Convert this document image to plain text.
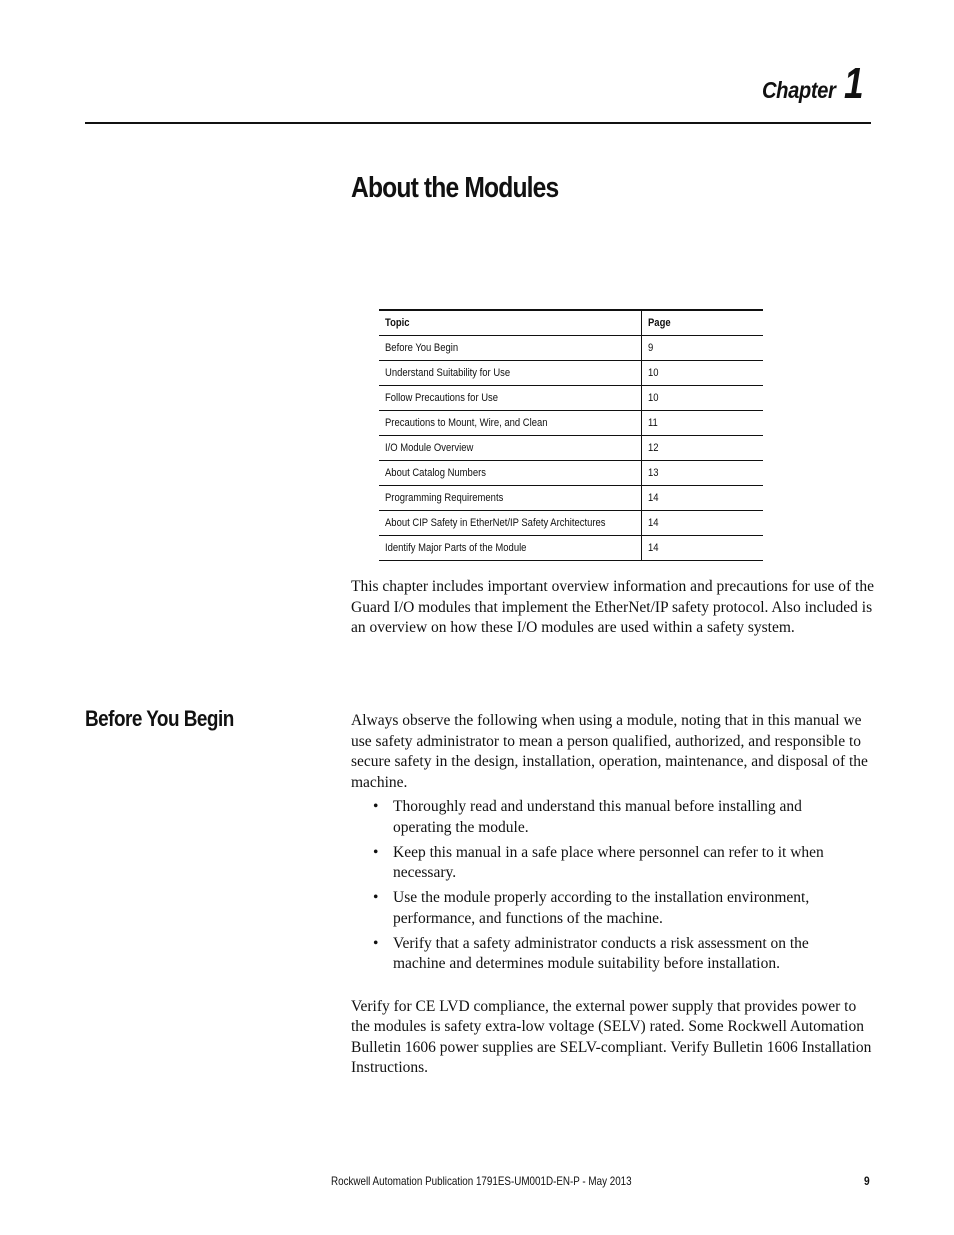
Chapter 1
About the Modules
Topic	Page
Before You Begin	9
Understand Suitability for Use	10
Follow Precautions for Use	10
Precautions to Mount, Wire, and Clean	11
I/O Module Overview	12
About Catalog Numbers	13
Programming Requirements	14
About CIP Safety in EtherNet/IP Safety Architectures	14
Identify Major Parts of the Module	14

This chapter includes important overview information and precautions for use of the Guard I/O modules that implement the EtherNet/IP safety protocol. Also included is an overview on how these I/O modules are used within a safety system.

Before You Begin	Always observe the following when using a module, noting that in this manual we use safety administrator to mean a person qualified, authorized, and responsible to secure safety in the design, installation, operation, maintenance, and disposal of the machine.

• Thoroughly read and understand this manual before installing and operating the module.
• Keep this manual in a safe place where personnel can refer to it when necessary.
• Use the module properly according to the installation environment, performance, and functions of the machine.
• Verify that a safety administrator conducts a risk assessment on the machine and determines module suitability before installation.

Verify for CE LVD compliance, the external power supply that provides power to the modules is safety extra-low voltage (SELV) rated. Some Rockwell Automation Bulletin 1606 power supplies are SELV-compliant. Verify Bulletin 1606 Installation Instructions.

Rockwell Automation Publication 1791ES-UM001D-EN-P - May 2013	9
